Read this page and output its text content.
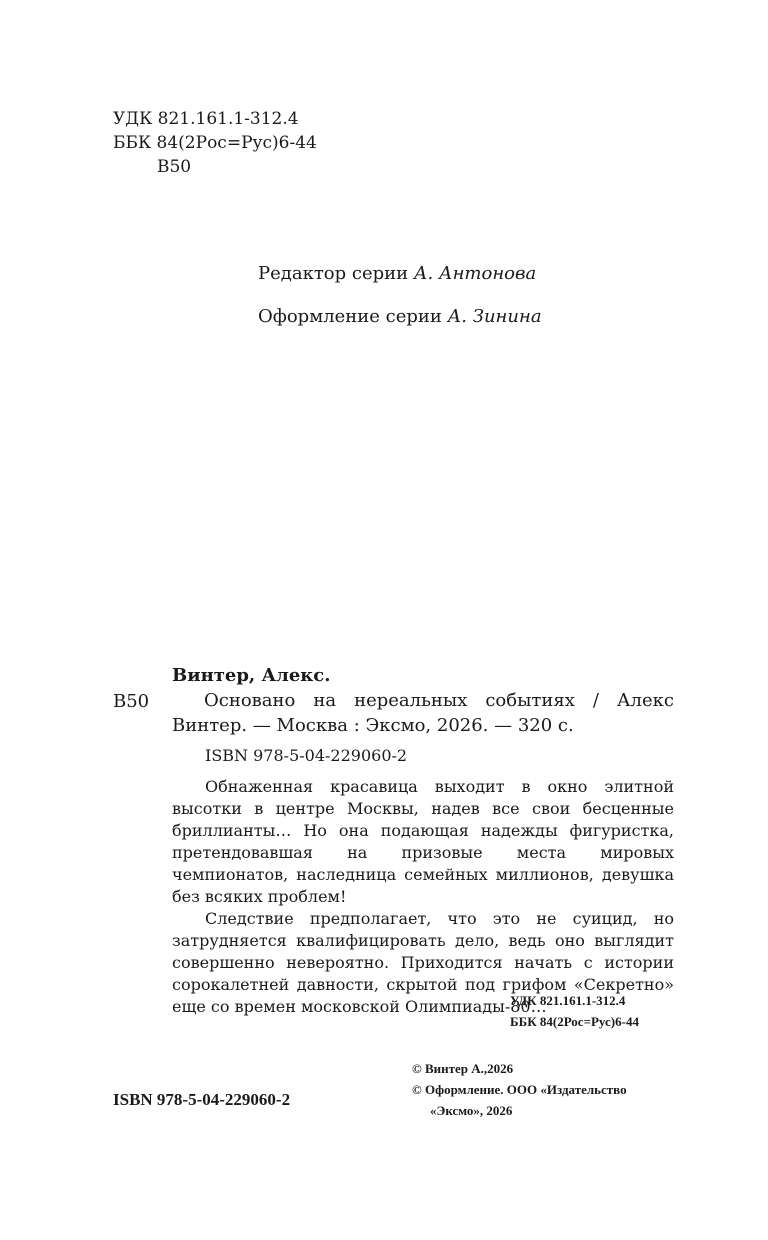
УДК 821.161.1-312.4
ББК 84(2Рос=Рус)6-44
В50
Редактор серии А. Антонова
Оформление серии А. Зинина
Винтер, Алекс.
В50	Основано на нереальных событиях / Алекс
Винтер. — Москва : Эксмо, 2026. — 320 с.
ISBN 978-5-04-229060-2

Обнаженная красавица выходит в окно элитной высотки в центре Москвы, надев все свои бесценные бриллианты… Но она подающая надежды фигуристка, претендовавшая на призовые места мировых чемпионатов, наследница семейных миллионов, девушка без всяких проблем!

Следствие предполагает, что это не суицид, но затрудняется квалифицировать дело, ведь оно выглядит совершенно невероятно. Приходится начать с истории сорокалетней давности, скрытой под грифом «Секретно» еще со времен московской Олимпиады-80…

УДК 821.161.1-312.4
ББК 84(2Рос=Рус)6-44
© Винтер А.,2026
© Оформление. ООО «Издательство
«Эксмо», 2026
ISBN 978-5-04-229060-2
